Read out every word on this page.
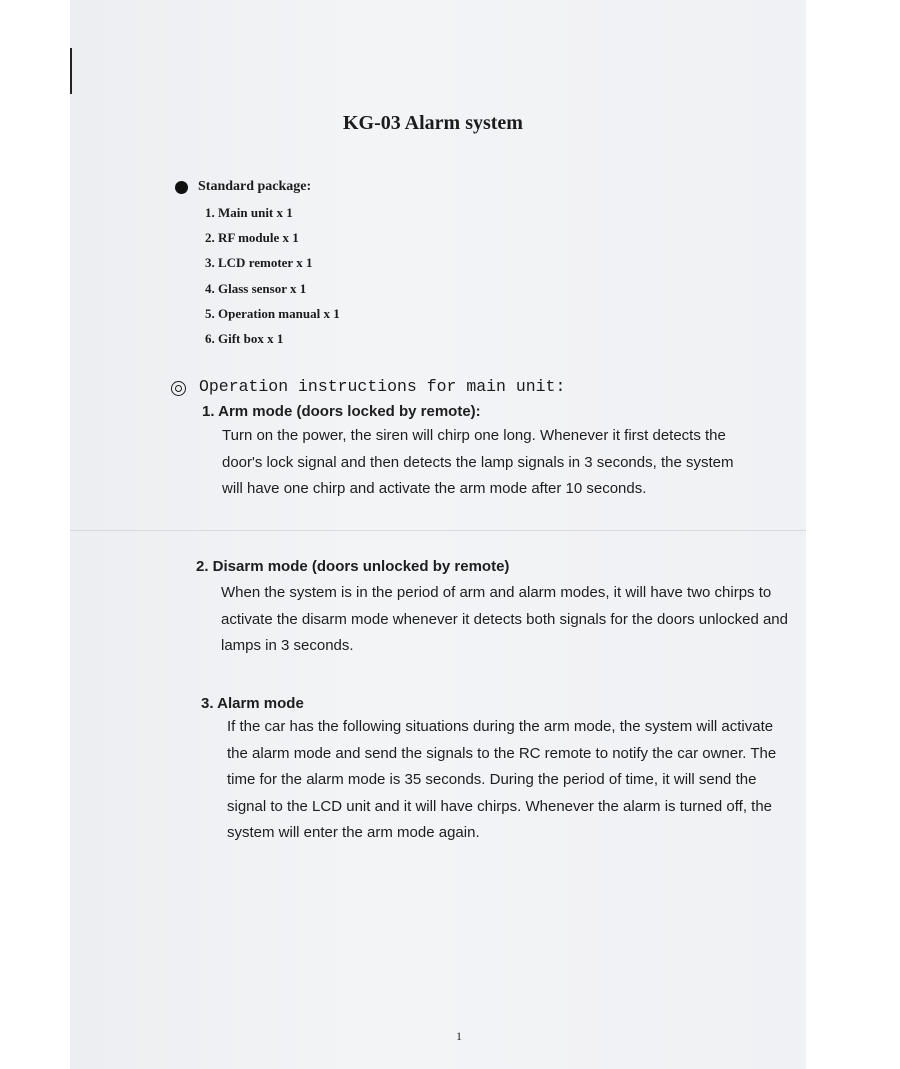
KG-03 Alarm system
Standard package:
1. Main unit x 1
2. RF module x 1
3. LCD remoter x 1
4. Glass sensor x 1
5. Operation manual x 1
6. Gift box x 1
Operation instructions for main unit:
1. Arm mode (doors locked by remote):

Turn on the power, the siren will chirp one long. Whenever it first detects the door's lock signal and then detects the lamp signals in 3 seconds, the system will have one chirp and activate the arm mode after 10 seconds.

2. Disarm mode (doors unlocked by remote)

When the system is in the period of arm and alarm modes, it will have two chirps to activate the disarm mode whenever it detects both signals for the doors unlocked and lamps in 3 seconds.

3. Alarm mode

If the car has the following situations during the arm mode, the system will activate the alarm mode and send the signals to the RC remote to notify the car owner. The time for the alarm mode is 35 seconds. During the period of time, it will send the signal to the LCD unit and it will have chirps. Whenever the alarm is turned off, the system will enter the arm mode again.

1
